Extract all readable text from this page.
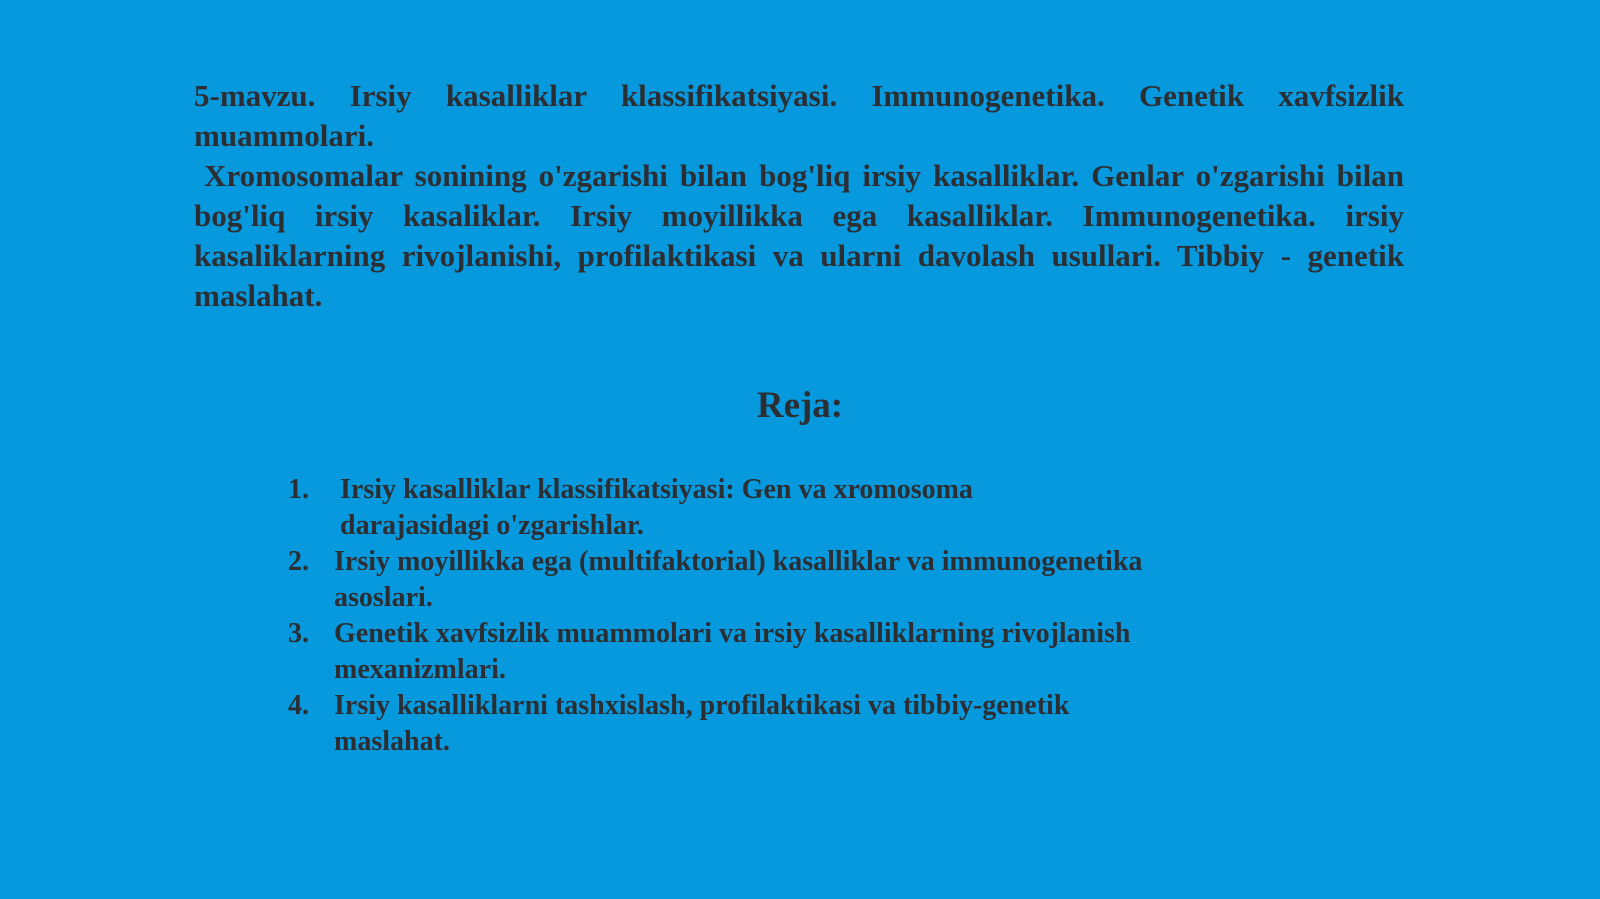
5-mavzu. Irsiy kasalliklar klassifikatsiyasi. Immunogenetika. Genetik xavfsizlik muammolari.

Xromosomalar sonining o'zgarishi bilan bog'liq irsiy kasalliklar. Genlar o'zgarishi bilan bog'liq irsiy kasaliklar. Irsiy moyillikka ega kasalliklar. Immunogenetika. irsiy kasaliklarning rivojlanishi, profilaktikasi va ularni davolash usullari. Tibbiy - genetik maslahat.

Reja:
1.	Irsiy kasalliklar klassifikatsiyasi: Gen va xromosoma darajasidagi o'zgarishlar.
2. Irsiy moyillikka ega (multifaktorial) kasalliklar va immunogenetika asoslari.
3. Genetik xavfsizlik muammolari va irsiy kasalliklarning rivojlanish mexanizmlari.
4. Irsiy kasalliklarni tashxislash, profilaktikasi va tibbiy-genetik maslahat.
